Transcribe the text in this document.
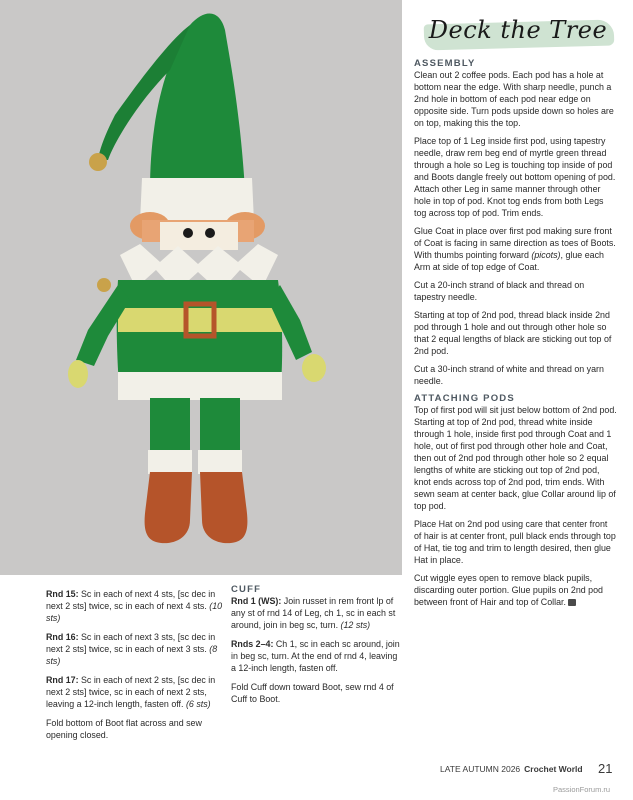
Deck the Tree
ASSEMBLY

Clean out 2 coffee pods. Each pod has a hole at bottom near the edge. With sharp needle, punch a 2nd hole in bottom of each pod near edge on opposite side. Turn pods upside down so holes are on top, making this the top.

Place top of 1 Leg inside first pod, using tapestry needle, draw rem beg end of myrtle green thread through a hole so Leg is touching top inside of pod and Boots dangle freely out bottom opening of pod. Attach other Leg in same manner through other hole in top of pod. Knot tog ends from both Legs tog across top of pod. Trim ends.

Glue Coat in place over first pod making sure front of Coat is facing in same direction as toes of Boots. With thumbs pointing forward (picots), glue each Arm at side of top edge of Coat.

Cut a 20-inch strand of black and thread on tapestry needle.

Starting at top of 2nd pod, thread black inside 2nd pod through 1 hole and out through other hole so that 2 equal lengths of black are sticking out top of 2nd pod.

Cut a 30-inch strand of white and thread on yarn needle.

ATTACHING PODS

Top of first pod will sit just below bottom of 2nd pod. Starting at top of 2nd pod, thread white inside through 1 hole, inside first pod through Coat and 1 hole, out of first pod through other hole and Coat, then out of 2nd pod through other hole so 2 equal lengths of white are sticking out top of 2nd pod, knot ends across top of 2nd pod, trim ends. With sewn seam at center back, glue Collar around lip of top pod.

Place Hat on 2nd pod using care that center front of hair is at center front, pull black ends through top of Hat, tie tog and trim to length desired, then glue Hat in place.

Cut wiggle eyes open to remove black pupils, discarding outer portion. Glue pupils on 2nd pod between front of Hair and top of Collar.

Rnd 15: Sc in each of next 4 sts, [sc dec in next 2 sts] twice, sc in each of next 4 sts. (10 sts)

Rnd 16: Sc in each of next 3 sts, [sc dec in next 2 sts] twice, sc in each of next 3 sts. (8 sts)

Rnd 17: Sc in each of next 2 sts, [sc dec in next 2 sts] twice, sc in each of next 2 sts, leaving a 12-inch length, fasten off. (6 sts)

Fold bottom of Boot flat across and sew opening closed.

CUFF

Rnd 1 (WS): Join russet in rem front lp of any st of rnd 14 of Leg, ch 1, sc in each st around, join in beg sc, turn. (12 sts)

Rnds 2–4: Ch 1, sc in each sc around, join in beg sc, turn. At the end of rnd 4, leaving a 12-inch length, fasten off.

Fold Cuff down toward Boot, sew rnd 4 of Cuff to Boot.

LATE AUTUMN 2026 Crochet World 21
PassionForum.ru
